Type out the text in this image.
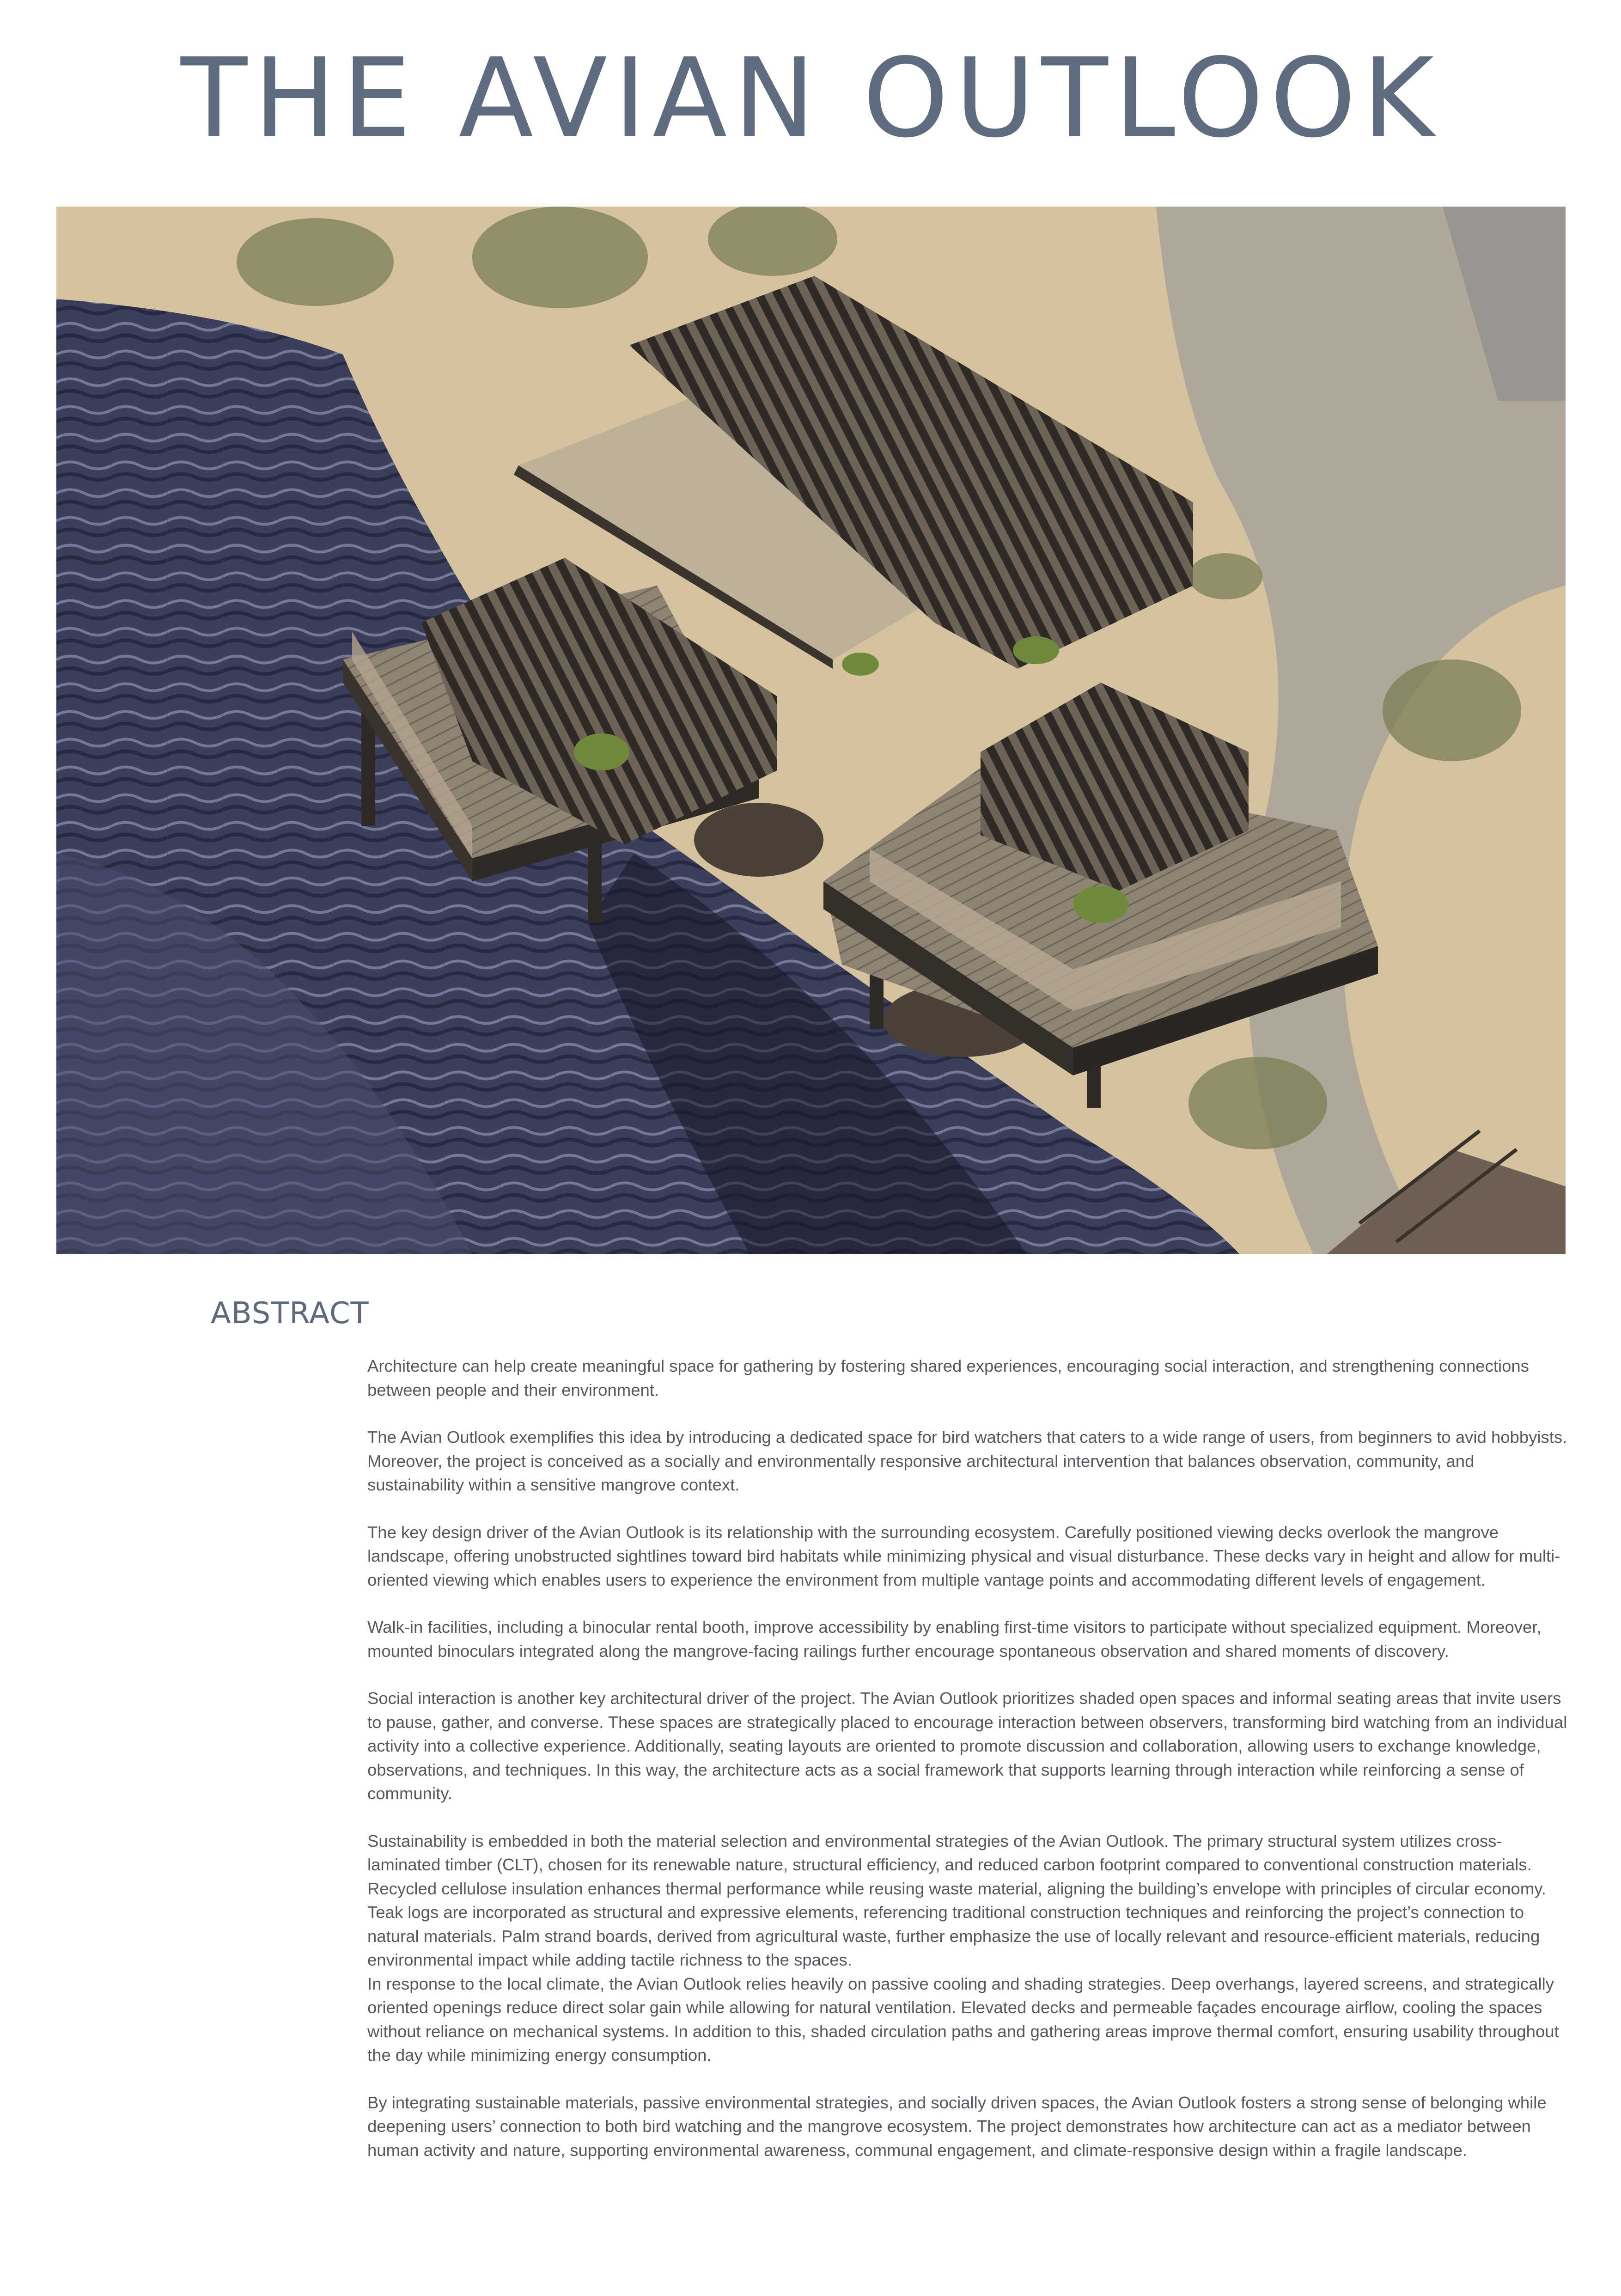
THE AVIAN OUTLOOK
ABSTRACT

Architecture can help create meaningful space for gathering by fostering shared experiences, encouraging social interaction, and strengthening connections between people and their environment.

The Avian Outlook exemplifies this idea by introducing a dedicated space for bird watchers that caters to a wide range of users, from beginners to avid hobbyists. Moreover, the project is conceived as a socially and environmentally responsive architectural intervention that balances observation, community, and sustainability within a sensitive mangrove context.

The key design driver of the Avian Outlook is its relationship with the surrounding ecosystem. Carefully positioned viewing decks overlook the mangrove landscape, offering unobstructed sightlines toward bird habitats while minimizing physical and visual disturbance. These decks vary in height and allow for multi-oriented viewing which enables users to experience the environment from multiple vantage points and accommodating different levels of engagement.

Walk-in facilities, including a binocular rental booth, improve accessibility by enabling first-time visitors to participate without specialized equipment. Moreover, mounted binoculars integrated along the mangrove-facing railings further encourage spontaneous observation and shared moments of discovery.

Social interaction is another key architectural driver of the project. The Avian Outlook prioritizes shaded open spaces and informal seating areas that invite users to pause, gather, and converse. These spaces are strategically placed to encourage interaction between observers, transforming bird watching from an individual activity into a collective experience. Additionally, seating layouts are oriented to promote discussion and collaboration, allowing users to exchange knowledge, observations, and techniques. In this way, the architecture acts as a social framework that supports learning through interaction while reinforcing a sense of community.

Sustainability is embedded in both the material selection and environmental strategies of the Avian Outlook. The primary structural system utilizes cross-laminated timber (CLT), chosen for its renewable nature, structural efficiency, and reduced carbon footprint compared to conventional construction materials. Recycled cellulose insulation enhances thermal performance while reusing waste material, aligning the building’s envelope with principles of circular economy. Teak logs are incorporated as structural and expressive elements, referencing traditional construction techniques and reinforcing the project’s connection to natural materials. Palm strand boards, derived from agricultural waste, further emphasize the use of locally relevant and resource-efficient materials, reducing environmental impact while adding tactile richness to the spaces.

In response to the local climate, the Avian Outlook relies heavily on passive cooling and shading strategies. Deep overhangs, layered screens, and strategically oriented openings reduce direct solar gain while allowing for natural ventilation. Elevated decks and permeable façades encourage airflow, cooling the spaces without reliance on mechanical systems. In addition to this, shaded circulation paths and gathering areas improve thermal comfort, ensuring usability throughout the day while minimizing energy consumption.

By integrating sustainable materials, passive environmental strategies, and socially driven spaces, the Avian Outlook fosters a strong sense of belonging while deepening users’ connection to both bird watching and the mangrove ecosystem. The project demonstrates how architecture can act as a mediator between human activity and nature, supporting environmental awareness, communal engagement, and climate-responsive design within a fragile landscape.
